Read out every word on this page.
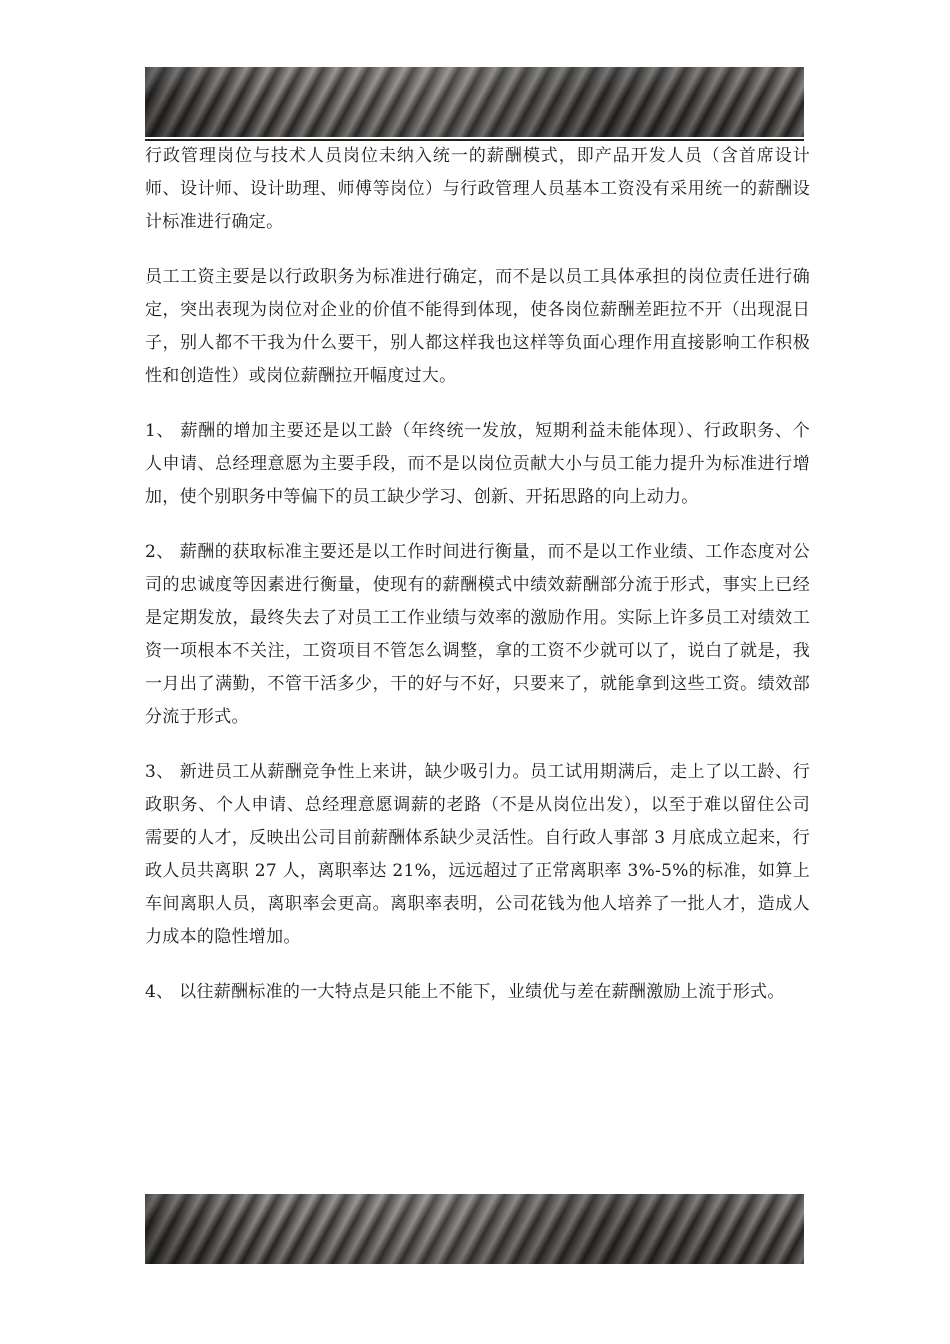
行政管理岗位与技术人员岗位未纳入统一的薪酬模式，即产品开发人员（含首席设计师、设计师、设计助理、师傅等岗位）与行政管理人员基本工资没有采用统一的薪酬设计标准进行确定。

员工工资主要是以行政职务为标准进行确定，而不是以员工具体承担的岗位责任进行确定，突出表现为岗位对企业的价值不能得到体现，使各岗位薪酬差距拉不开（出现混日子，别人都不干我为什么要干，别人都这样我也这样等负面心理作用直接影响工作积极性和创造性）或岗位薪酬拉开幅度过大。

1、 薪酬的增加主要还是以工龄（年终统一发放，短期利益未能体现）、行政职务、个人申请、总经理意愿为主要手段，而不是以岗位贡献大小与员工能力提升为标准进行增加，使个别职务中等偏下的员工缺少学习、创新、开拓思路的向上动力。

2、 薪酬的获取标准主要还是以工作时间进行衡量，而不是以工作业绩、工作态度对公司的忠诚度等因素进行衡量，使现有的薪酬模式中绩效薪酬部分流于形式，事实上已经是定期发放，最终失去了对员工工作业绩与效率的激励作用。实际上许多员工对绩效工资一项根本不关注，工资项目不管怎么调整，拿的工资不少就可以了，说白了就是，我一月出了满勤，不管干活多少，干的好与不好，只要来了，就能拿到这些工资。绩效部分流于形式。

3、 新进员工从薪酬竞争性上来讲，缺少吸引力。员工试用期满后，走上了以工龄、行政职务、个人申请、总经理意愿调薪的老路（不是从岗位出发），以至于难以留住公司需要的人才，反映出公司目前薪酬体系缺少灵活性。自行政人事部 3 月底成立起来，行政人员共离职 27 人，离职率达 21%，远远超过了正常离职率 3%-5%的标准，如算上车间离职人员，离职率会更高。离职率表明，公司花钱为他人培养了一批人才，造成人力成本的隐性增加。

4、 以往薪酬标准的一大特点是只能上不能下，业绩优与差在薪酬激励上流于形式。
